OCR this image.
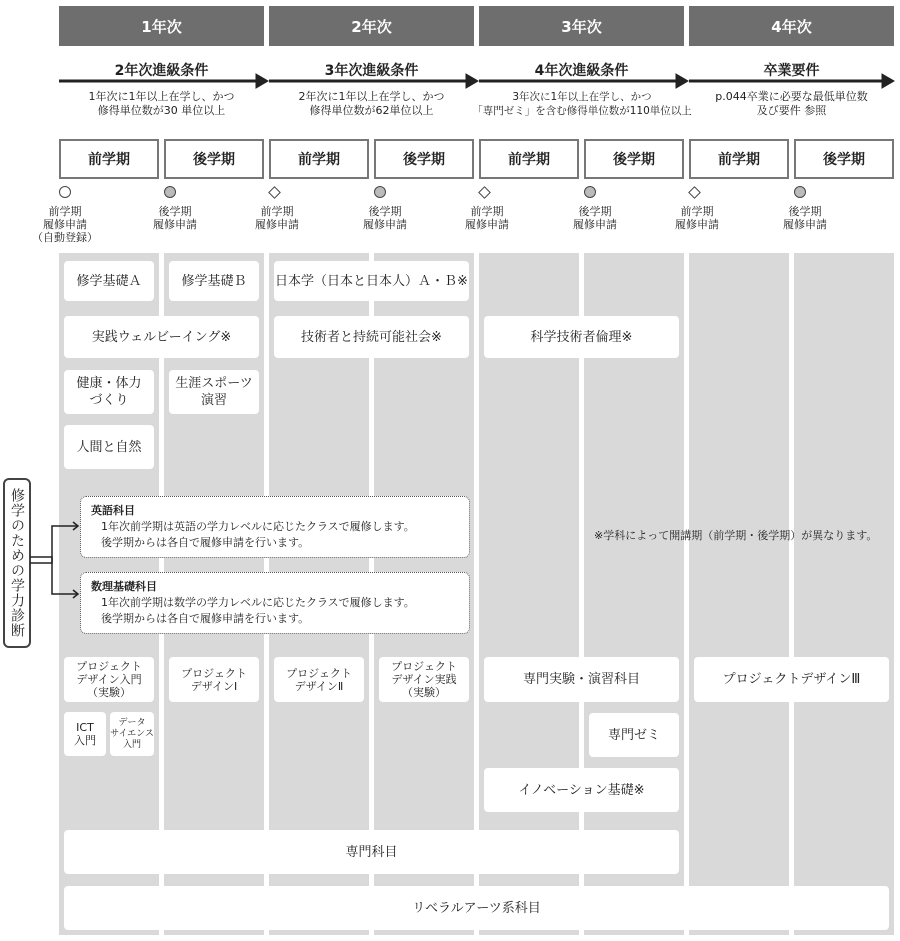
1年次	2年次	3年次	4年次
2年次進級条件	3年次進級条件	4年次進級条件	卒業要件
1年次に1年以上在学し、かつ
修得単位数が30 単位以上
2年次に1年以上在学し、かつ
修得単位数が62単位以上
3年次に1年以上在学し、かつ
「専門ゼミ」を含む修得単位数が110単位以上
p.044卒業に必要な最低単位数
及び要件 参照
前学期	後学期	前学期	後学期	前学期	後学期	前学期	後学期
前学期
履修申請
（自動登録）
後学期
履修申請
前学期
履修申請
後学期
履修申請
前学期
履修申請
後学期
履修申請
前学期
履修申請
後学期
履修申請
修学のための学力診断
修学基礎Ａ	修学基礎Ｂ	日本学（日本と日本人）Ａ・Ｂ※
実践ウェルビーイング※	技術者と持続可能社会※	科学技術者倫理※
健康・体力
づくり
生涯スポーツ
演習
人間と自然
英語科目
1年次前学期は英語の学力レベルに応じたクラスで履修します。
後学期からは各自で履修申請を行います。
数理基礎科目
1年次前学期は数学の学力レベルに応じたクラスで履修します。
後学期からは各自で履修申請を行います。
※学科によって開講期（前学期・後学期）が異なります。
プロジェクト
デザイン入門
（実験）
プロジェクト
デザインⅠ
プロジェクト
デザインⅡ
プロジェクト
デザイン実践
（実験）
専門実験・演習科目	プロジェクトデザインⅢ
ICT
入門
データ
サイエンス
入門
専門ゼミ
イノベーション基礎※
専門科目
リベラルアーツ系科目
